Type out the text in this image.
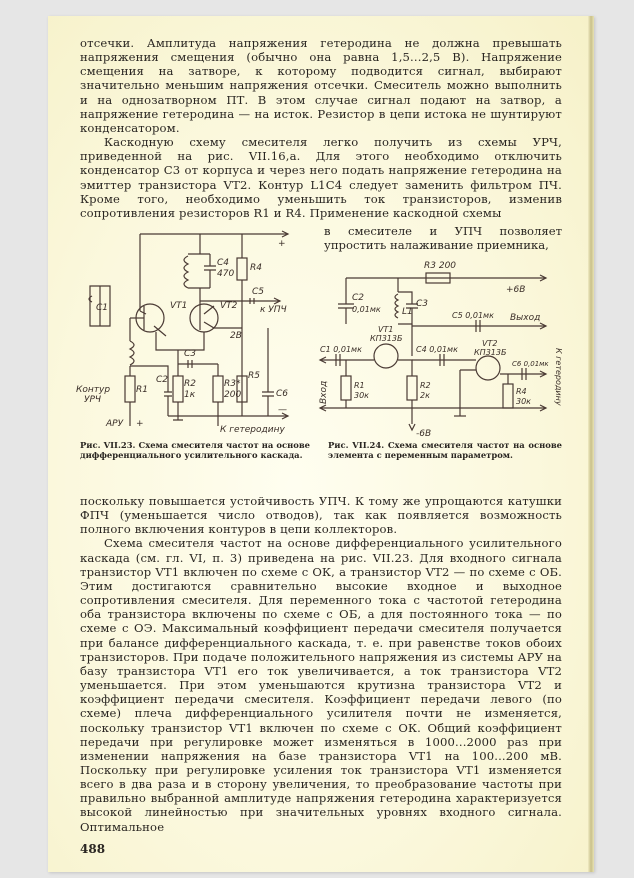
отсечки. Амплитуда напряжения гетеродина не должна превышать напряжения смещения (обычно она равна 1,5...2,5 В). Напряжение смещения на затворе, к которому подводится сигнал, выбирают значительно меньшим напряжения отсечки. Смеситель можно выполнить и на однозатворном ПТ. В этом случае сигнал подают на затвор, а напряжение гетеродина — на исток. Резистор в цепи истока не шунтируют конденсатором.

Каскодную схему смесителя легко получить из схемы УРЧ, приведенной на рис. VII.16,а. Для этого необходимо отключить конденсатор C3 от корпуса и через него подать напряжение гетеродина на эмиттер транзистора VT2. Контур L1C4 следует заменить фильтром ПЧ. Кроме того, необходимо уменьшить ток транзисторов, изменив сопротивления резисторов R1 и R4. Применение каскодной схемы

в смесителе и УПЧ позволяет упростить налаживание приемника,
+
—
C4
470
R4
C5
к УПЧ
VT1	VT2
2В
C1
C3
R1
C2 R2
1к
R3*
200
R5
C6
Контур
УРЧ
АРУ +
К гетеродину
R3 200
+6В
C2
0,01мк L1
C3
C5 0,01мк Выход
VT1
КП313Б
C1 0,01мк	C4 0,01мк
VT2
КП313Б
C6 0,01мк
R1
30к
R2
2к	R4
30к
-6В
Вход	К гетеродину
Рис. VII.23. Схема смесителя частот на основе дифференциального усилительного каскада.
Рис. VII.24. Схема смесителя частот на основе элемента с переменным параметром.

поскольку повышается устойчивость УПЧ. К тому же упрощаются катушки ФПЧ (уменьшается число отводов), так как появляется возможность полного включения контуров в цепи коллекторов.

Схема смесителя частот на основе дифференциального усилительного каскада (см. гл. VI, п. 3) приведена на рис. VII.23. Для входного сигнала транзистор VT1 включен по схеме с ОК, а транзистор VT2 — по схеме с ОБ. Этим достигаются сравнительно высокие входное и выходное сопротивления смесителя. Для переменного тока с частотой гетеродина оба транзистора включены по схеме с ОБ, а для постоянного тока — по схеме с ОЭ. Максимальный коэффициент передачи смесителя получается при балансе дифференциального каскада, т. е. при равенстве токов обоих транзисторов. При подаче положительного напряжения из системы АРУ на базу транзистора VT1 его ток увеличивается, а ток транзистора VT2 уменьшается. При этом уменьшаются крутизна транзистора VT2 и коэффициент передачи смесителя. Коэффициент передачи левого (по схеме) плеча дифференциального усилителя почти не изменяется, поскольку транзистор VT1 включен по схеме с ОК. Общий коэффициент передачи при регулировке может изменяться в 1000...2000 раз при изменении напряжения на базе транзистора VT1 на 100...200 мВ. Поскольку при регулировке усиления ток транзистора VT1 изменяется всего в два раза и в сторону увеличения, то преобразование частоты при правильно выбранной амплитуде напряжения гетеродина характеризуется высокой линейностью при значительных уровнях входного сигнала. Оптимальное

488
